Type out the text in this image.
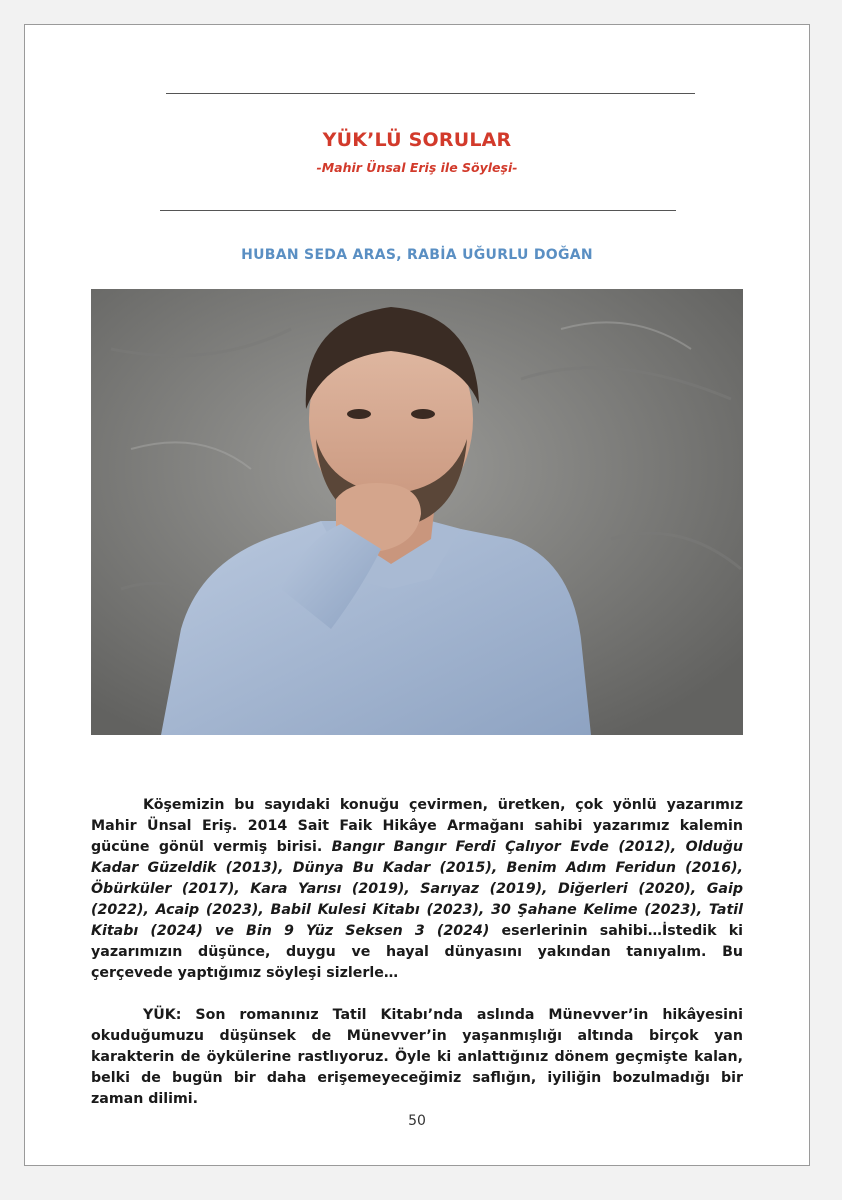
YÜK’LÜ SORULAR
-Mahir Ünsal Eriş ile Söyleşi-
HUBAN SEDA ARAS, RABİA UĞURLU DOĞAN

Köşemizin bu sayıdaki konuğu çevirmen, üretken, çok yönlü yazarımız Mahir Ünsal Eriş. 2014 Sait Faik Hikâye Armağanı sahibi yazarımız kalemin gücüne gönül vermiş birisi. Bangır Bangır Ferdi Çalıyor Evde (2012), Olduğu Kadar Güzeldik (2013), Dünya Bu Kadar (2015), Benim Adım Feridun (2016), Öbürküler (2017), Kara Yarısı (2019), Sarıyaz (2019), Diğerleri (2020), Gaip (2022), Acaip (2023), Babil Kulesi Kitabı (2023), 30 Şahane Kelime (2023), Tatil Kitabı (2024) ve Bin 9 Yüz Seksen 3 (2024) eserlerinin sahibi…İstedik ki yazarımızın düşünce, duygu ve hayal dünyasını yakından tanıyalım. Bu çerçevede yaptığımız söyleşi sizlerle…

YÜK: Son romanınız Tatil Kitabı’nda aslında Münevver’in hikâyesini okuduğumuzu düşünsek de Münevver’in yaşanmışlığı altında birçok yan karakterin de öykülerine rastlıyoruz. Öyle ki anlattığınız dönem geçmişte kalan, belki de bugün bir daha erişemeyeceğimiz saflığın, iyiliğin bozulmadığı bir zaman dilimi.

50
